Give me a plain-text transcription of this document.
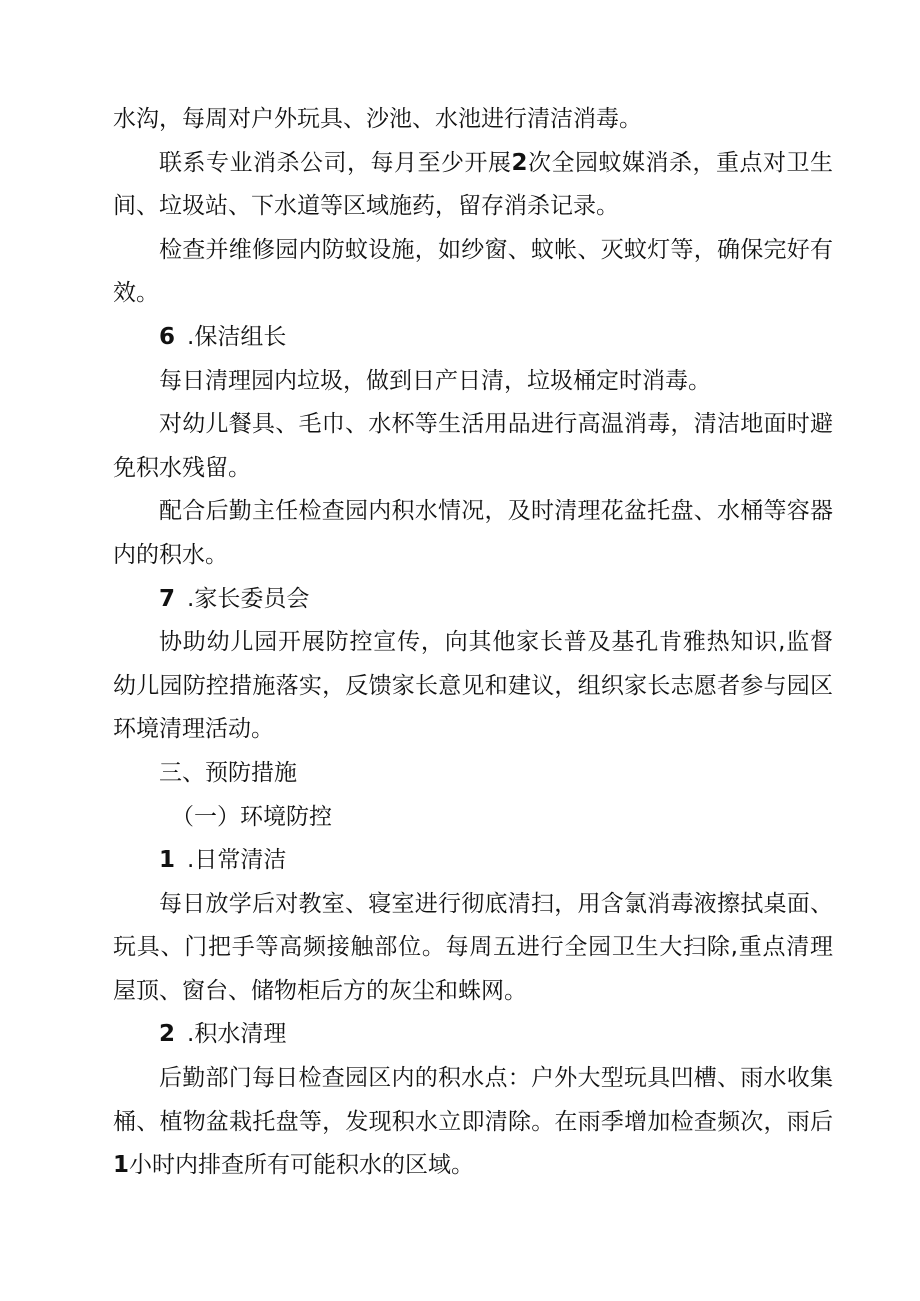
水沟，每周对户外玩具、沙池、水池进行清洁消毒。

联系专业消杀公司，每月至少开展2次全园蚊媒消杀，重点对卫生间、垃圾站、下水道等区域施药，留存消杀记录。

检查并维修园内防蚊设施，如纱窗、蚊帐、灭蚊灯等，确保完好有效。

6 .保洁组长

每日清理园内垃圾，做到日产日清，垃圾桶定时消毒。

对幼儿餐具、毛巾、水杯等生活用品进行高温消毒，清洁地面时避免积水残留。

配合后勤主任检查园内积水情况，及时清理花盆托盘、水桶等容器内的积水。

7 .家长委员会

协助幼儿园开展防控宣传，向其他家长普及基孔肯雅热知识,监督幼儿园防控措施落实，反馈家长意见和建议，组织家长志愿者参与园区环境清理活动。

三、预防措施

（一）环境防控

1 .日常清洁

每日放学后对教室、寝室进行彻底清扫，用含氯消毒液擦拭桌面、玩具、门把手等高频接触部位。每周五进行全园卫生大扫除,重点清理屋顶、窗台、储物柜后方的灰尘和蛛网。

2 .积水清理

后勤部门每日检查园区内的积水点：户外大型玩具凹槽、雨水收集桶、植物盆栽托盘等，发现积水立即清除。在雨季增加检查频次，雨后1小时内排查所有可能积水的区域。
